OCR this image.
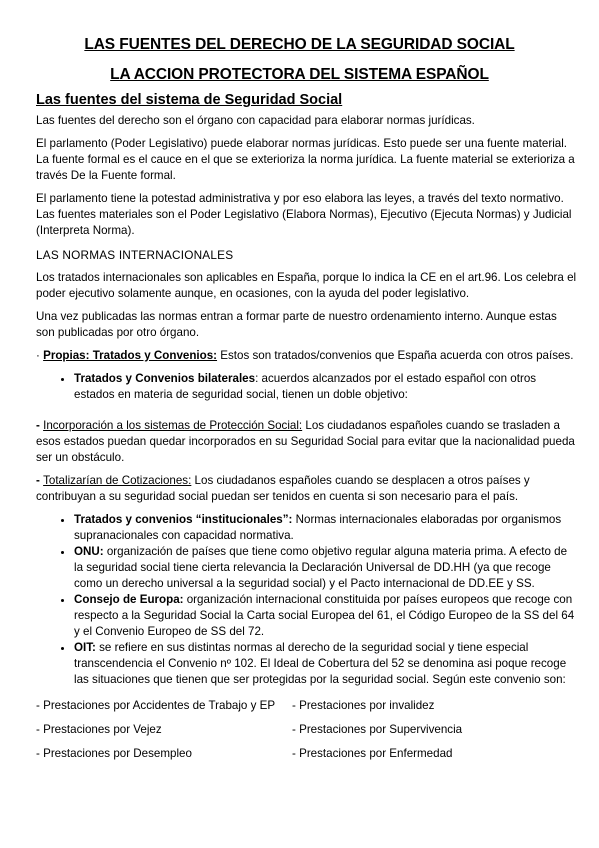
LAS FUENTES DEL DERECHO DE LA SEGURIDAD SOCIAL
LA ACCION PROTECTORA DEL SISTEMA ESPAÑOL
Las fuentes del sistema de Seguridad Social

Las fuentes del derecho son el órgano con capacidad para elaborar normas jurídicas.

El parlamento (Poder Legislativo) puede elaborar normas jurídicas. Esto puede ser una fuente material. La fuente formal es el cauce en el que se exterioriza la norma jurídica. La fuente material se exterioriza a través De la Fuente formal.

El parlamento tiene la potestad administrativa y por eso elabora las leyes, a través del texto normativo. Las fuentes materiales son el Poder Legislativo (Elabora Normas), Ejecutivo (Ejecuta Normas) y Judicial (Interpreta Norma).

LAS NORMAS INTERNACIONALES

Los tratados internacionales son aplicables en España, porque lo indica la CE en el art.96. Los celebra el poder ejecutivo solamente aunque, en ocasiones, con la ayuda del poder legislativo.

Una vez publicadas las normas entran a formar parte de nuestro ordenamiento interno. Aunque estas son publicadas por otro órgano.

· Propias: Tratados y Convenios: Estos son tratados/convenios que España acuerda con otros países.

• Tratados y Convenios bilaterales: acuerdos alcanzados por el estado español con otros estados en materia de seguridad social, tienen un doble objetivo:

- Incorporación a los sistemas de Protección Social: Los ciudadanos españoles cuando se trasladen a esos estados puedan quedar incorporados en su Seguridad Social para evitar que la nacionalidad pueda ser un obstáculo.

- Totalizarían de Cotizaciones: Los ciudadanos españoles cuando se desplacen a otros países y contribuyan a su seguridad social puedan ser tenidos en cuenta si son necesario para el país.

• Tratados y convenios “institucionales”: Normas internacionales elaboradas por organismos supranacionales con capacidad normativa.
• ONU: organización de países que tiene como objetivo regular alguna materia prima. A efecto de la seguridad social tiene cierta relevancia la Declaración Universal de DD.HH (ya que recoge como un derecho universal a la seguridad social) y el Pacto internacional de DD.EE y SS.
• Consejo de Europa: organización internacional constituida por países europeos que recoge con respecto a la Seguridad Social la Carta social Europea del 61, el Código Europeo de la SS del 64 y el Convenio Europeo de SS del 72.
• OIT: se refiere en sus distintas normas al derecho de la seguridad social y tiene especial transcendencia el Convenio nº 102. El Ideal de Cobertura del 52 se denomina asi poque recoge las situaciones que tienen que ser protegidas por la seguridad social. Según este convenio son:
- Prestaciones por Accidentes de Trabajo y EP	- Prestaciones por invalidez
- Prestaciones por Vejez	- Prestaciones por Supervivencia
- Prestaciones por Desempleo	- Prestaciones por Enfermedad
